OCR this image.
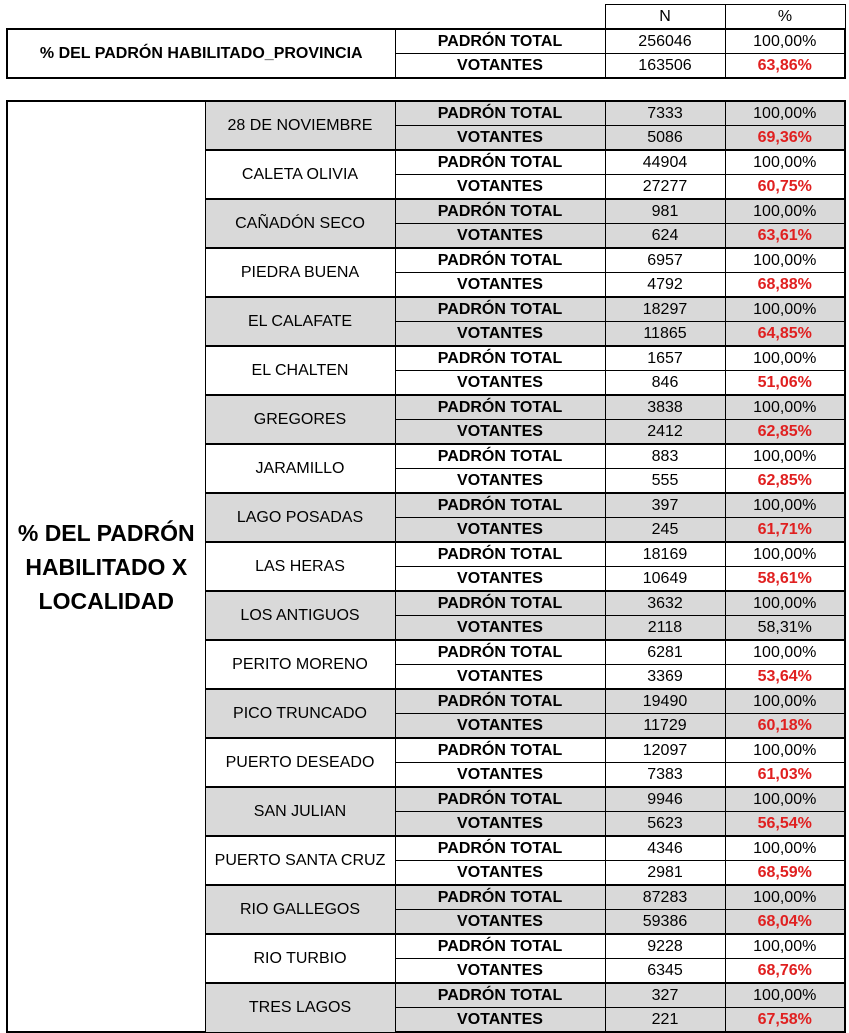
		N	%
% DEL PADRÓN HABILITADO_PROVINCIA	PADRÓN TOTAL	256046	100,00%
	VOTANTES	163506	63,86%
% DEL PADRÓN HABILITADO X LOCALIDAD	28 DE NOVIEMBRE	PADRÓN TOTAL	7333	100,00%
		VOTANTES	5086	69,36%
	CALETA OLIVIA	PADRÓN TOTAL	44904	100,00%
		VOTANTES	27277	60,75%
	CAÑADÓN SECO	PADRÓN TOTAL	981	100,00%
		VOTANTES	624	63,61%
	PIEDRA BUENA	PADRÓN TOTAL	6957	100,00%
		VOTANTES	4792	68,88%
	EL CALAFATE	PADRÓN TOTAL	18297	100,00%
		VOTANTES	11865	64,85%
	EL CHALTEN	PADRÓN TOTAL	1657	100,00%
		VOTANTES	846	51,06%
	GREGORES	PADRÓN TOTAL	3838	100,00%
		VOTANTES	2412	62,85%
	JARAMILLO	PADRÓN TOTAL	883	100,00%
		VOTANTES	555	62,85%
	LAGO POSADAS	PADRÓN TOTAL	397	100,00%
		VOTANTES	245	61,71%
	LAS HERAS	PADRÓN TOTAL	18169	100,00%
		VOTANTES	10649	58,61%
	LOS ANTIGUOS	PADRÓN TOTAL	3632	100,00%
		VOTANTES	2118	58,31%
	PERITO MORENO	PADRÓN TOTAL	6281	100,00%
		VOTANTES	3369	53,64%
	PICO TRUNCADO	PADRÓN TOTAL	19490	100,00%
		VOTANTES	11729	60,18%
	PUERTO DESEADO	PADRÓN TOTAL	12097	100,00%
		VOTANTES	7383	61,03%
	SAN JULIAN	PADRÓN TOTAL	9946	100,00%
		VOTANTES	5623	56,54%
	PUERTO SANTA CRUZ	PADRÓN TOTAL	4346	100,00%
		VOTANTES	2981	68,59%
	RIO GALLEGOS	PADRÓN TOTAL	87283	100,00%
		VOTANTES	59386	68,04%
	RIO TURBIO	PADRÓN TOTAL	9228	100,00%
		VOTANTES	6345	68,76%
	TRES LAGOS	PADRÓN TOTAL	327	100,00%
		VOTANTES	221	67,58%
